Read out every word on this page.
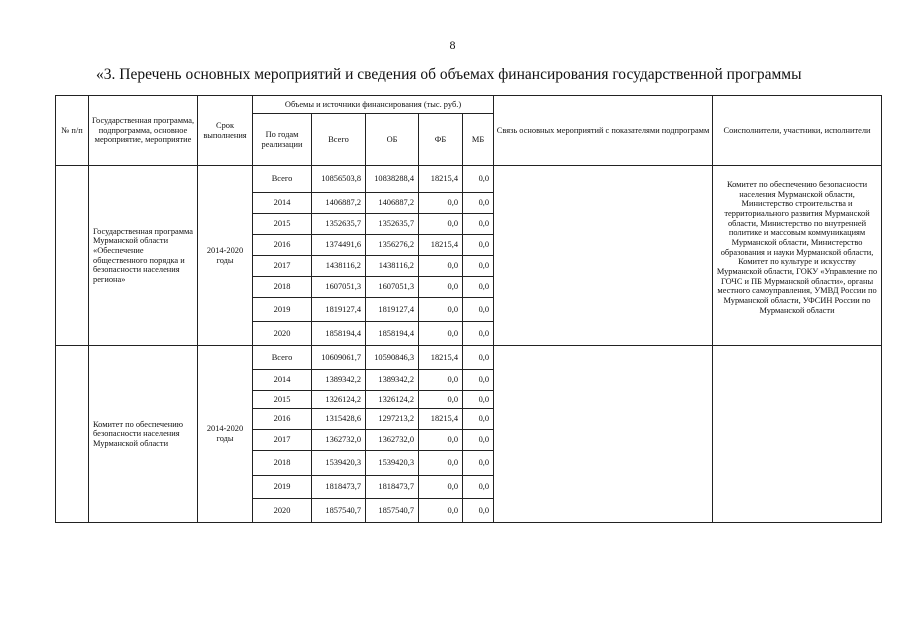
8
«3. Перечень основных мероприятий и сведения об объемах финансирования государственной программы
№ п/п	Государственная программа, подпрограмма, основное мероприятие, мероприятие	Срок выполнения	Объемы и источники финансирования (тыс. руб.)					Связь основных мероприятий с показателями подпрограмм	Соисполнители, участники, исполнители
			По годам реализации	Всего	ОБ	ФБ	МБ		
	Государственная программа Мурманской области «Обеспечение общественного порядка и безопасности населения региона»	2014-2020 годы	Всего	10856503,8	10838288,4	18215,4	0,0		Комитет по обеспечению безопасности населения Мурманской области, Министерство строительства и территориального развития Мурманской области, Министерство по внутренней политике и массовым коммуникациям Мурманской области, Министерство образования и науки Мурманской области, Комитет по культуре и искусству Мурманской области, ГОКУ «Управление по ГОЧС и ПБ Мурманской области», органы местного самоуправления, УМВД России по Мурманской области, УФСИН России по Мурманской области
			2014	1406887,2	1406887,2	0,0	0,0		
			2015	1352635,7	1352635,7	0,0	0,0		
			2016	1374491,6	1356276,2	18215,4	0,0		
			2017	1438116,2	1438116,2	0,0	0,0		
			2018	1607051,3	1607051,3	0,0	0,0		
			2019	1819127,4	1819127,4	0,0	0,0		
			2020	1858194,4	1858194,4	0,0	0,0		
	Комитет по обеспечению безопасности населения Мурманской области	2014-2020 годы	Всего	10609061,7	10590846,3	18215,4	0,0		
			2014	1389342,2	1389342,2	0,0	0,0		
			2015	1326124,2	1326124,2	0,0	0,0		
			2016	1315428,6	1297213,2	18215,4	0,0		
			2017	1362732,0	1362732,0	0,0	0,0		
			2018	1539420,3	1539420,3	0,0	0,0		
			2019	1818473,7	1818473,7	0,0	0,0		
			2020	1857540,7	1857540,7	0,0	0,0		
